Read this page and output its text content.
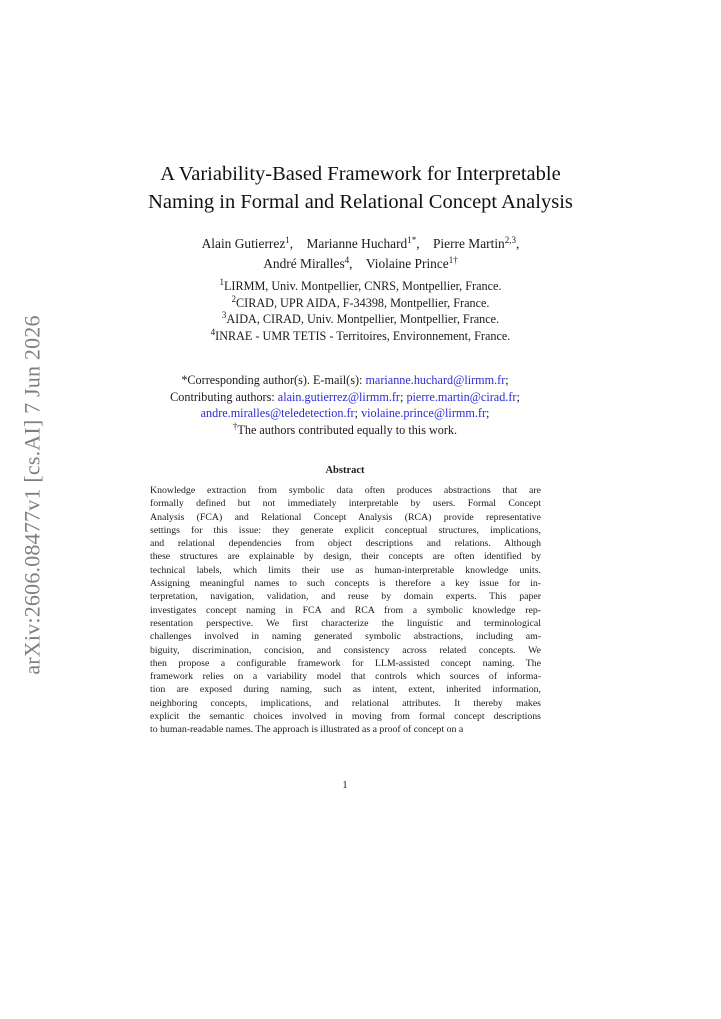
arXiv:2606.08477v1 [cs.AI] 7 Jun 2026
A Variability-Based Framework for Interpretable
Naming in Formal and Relational Concept Analysis
Alain Gutierrez$^1$, Marianne Huchard$^{1*}$, Pierre Martin$^{2,3}$,
André Miralles$^4$, Violaine Prince$^{1\dagger}$
$^1$LIRMM, Univ. Montpellier, CNRS, Montpellier, France.
$^2$CIRAD, UPR AIDA, F-34398, Montpellier, France.
$^3$AIDA, CIRAD, Univ. Montpellier, Montpellier, France.
$^4$INRAE - UMR TETIS - Territoires, Environnement, France.
*Corresponding author(s). E-mail(s): marianne.huchard@lirmm.fr;
Contributing authors: alain.gutierrez@lirmm.fr; pierre.martin@cirad.fr;
andre.miralles@teledetection.fr; violaine.prince@lirmm.fr;
†The authors contributed equally to this work.
Abstract
Knowledge extraction from symbolic data often produces abstractions that are
formally defined but not immediately interpretable by users. Formal Concept
Analysis (FCA) and Relational Concept Analysis (RCA) provide representative
settings for this issue: they generate explicit conceptual structures, implications,
and relational dependencies from object descriptions and relations. Although
these structures are explainable by design, their concepts are often identified by
technical labels, which limits their use as human-interpretable knowledge units.
Assigning meaningful names to such concepts is therefore a key issue for in-
terpretation, navigation, validation, and reuse by domain experts. This paper
investigates concept naming in FCA and RCA from a symbolic knowledge rep-
resentation perspective. We first characterize the linguistic and terminological
challenges involved in naming generated symbolic abstractions, including am-
biguity, discrimination, concision, and consistency across related concepts. We
then propose a configurable framework for LLM-assisted concept naming. The
framework relies on a variability model that controls which sources of informa-
tion are exposed during naming, such as intent, extent, inherited information,
neighboring concepts, implications, and relational attributes. It thereby makes
explicit the semantic choices involved in moving from formal concept descriptions
to human-readable names. The approach is illustrated as a proof of concept on a
1
